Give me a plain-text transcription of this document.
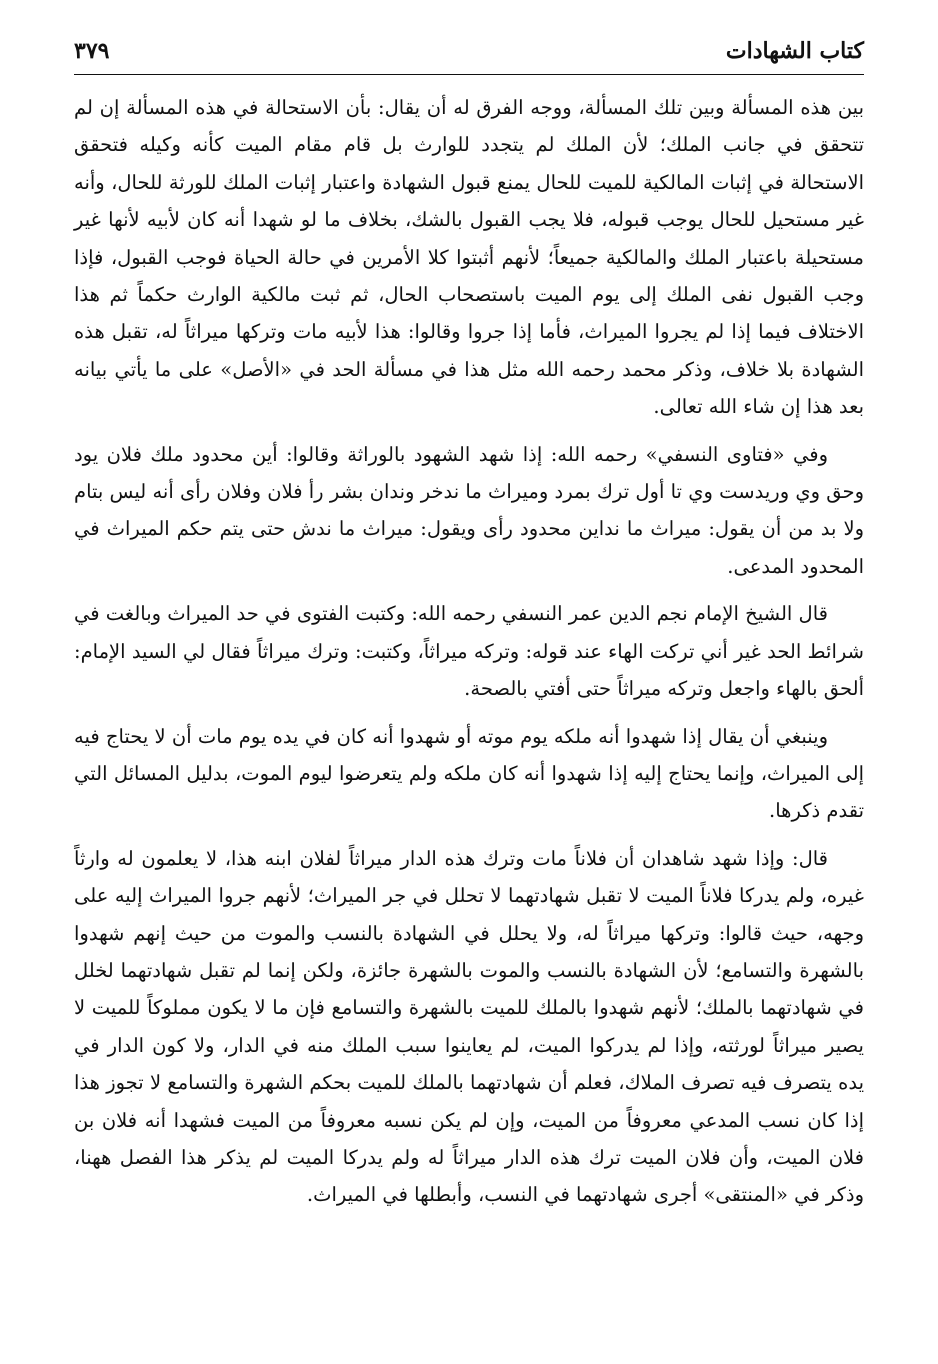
كتاب الشهادات
٣٧٩

بين هذه المسألة وبين تلك المسألة، ووجه الفرق له أن يقال: بأن الاستحالة في هذه المسألة إن لم تتحقق في جانب الملك؛ لأن الملك لم يتجدد للوارث بل قام مقام الميت كأنه وكيله فتحقق الاستحالة في إثبات المالكية للميت للحال يمنع قبول الشهادة واعتبار إثبات الملك للورثة للحال، وأنه غير مستحيل للحال يوجب قبوله، فلا يجب القبول بالشك، بخلاف ما لو شهدا أنه كان لأبيه لأنها غير مستحيلة باعتبار الملك والمالكية جميعاً؛ لأنهم أثبتوا كلا الأمرين في حالة الحياة فوجب القبول، فإذا وجب القبول نفى الملك إلى يوم الميت باستصحاب الحال، ثم ثبت مالكية الوارث حكماً ثم هذا الاختلاف فيما إذا لم يجروا الميراث، فأما إذا جروا وقالوا: هذا لأبيه مات وتركها ميراثاً له، تقبل هذه الشهادة بلا خلاف، وذكر محمد رحمه الله مثل هذا في مسألة الحد في «الأصل» على ما يأتي بيانه بعد هذا إن شاء الله تعالى.

وفي «فتاوى النسفي» رحمه الله: إذا شهد الشهود بالوراثة وقالوا: أين محدود ملك فلان يود وحق وي وريدست وي تا أول ترك بمرد وميراث ما ندخر وندان بشر رأ فلان وفلان رأى أنه ليس بتام ولا بد من أن يقول: ميراث ما نداين محدود رأى ويقول: ميراث ما ندش حتى يتم حكم الميراث في المحدود المدعى.

قال الشيخ الإمام نجم الدين عمر النسفي رحمه الله: وكتبت الفتوى في حد الميراث وبالغت في شرائط الحد غير أني تركت الهاء عند قوله: وتركه ميراثاً، وكتبت: وترك ميراثاً فقال لي السيد الإمام: ألحق بالهاء واجعل وتركه ميراثاً حتى أفتي بالصحة.

وينبغي أن يقال إذا شهدوا أنه ملكه يوم موته أو شهدوا أنه كان في يده يوم مات أن لا يحتاج فيه إلى الميراث، وإنما يحتاج إليه إذا شهدوا أنه كان ملكه ولم يتعرضوا ليوم الموت، بدليل المسائل التي تقدم ذكرها.

قال: وإذا شهد شاهدان أن فلاناً مات وترك هذه الدار ميراثاً لفلان ابنه هذا، لا يعلمون له وارثاً غيره، ولم يدركا فلاناً الميت لا تقبل شهادتهما لا تحلل في جر الميراث؛ لأنهم جروا الميراث إليه على وجهه، حيث قالوا: وتركها ميراثاً له، ولا يحلل في الشهادة بالنسب والموت من حيث إنهم شهدوا بالشهرة والتسامع؛ لأن الشهادة بالنسب والموت بالشهرة جائزة، ولكن إنما لم تقبل شهادتهما لخلل في شهادتهما بالملك؛ لأنهم شهدوا بالملك للميت بالشهرة والتسامع فإن ما لا يكون مملوكاً للميت لا يصير ميراثاً لورثته، وإذا لم يدركوا الميت، لم يعاينوا سبب الملك منه في الدار، ولا كون الدار في يده يتصرف فيه تصرف الملاك، فعلم أن شهادتهما بالملك للميت بحكم الشهرة والتسامع لا تجوز هذا إذا كان نسب المدعي معروفاً من الميت، وإن لم يكن نسبه معروفاً من الميت فشهدا أنه فلان بن فلان الميت، وأن فلان الميت ترك هذه الدار ميراثاً له ولم يدركا الميت لم يذكر هذا الفصل ههنا، وذكر في «المنتقى» أجرى شهادتهما في النسب، وأبطلها في الميراث.
